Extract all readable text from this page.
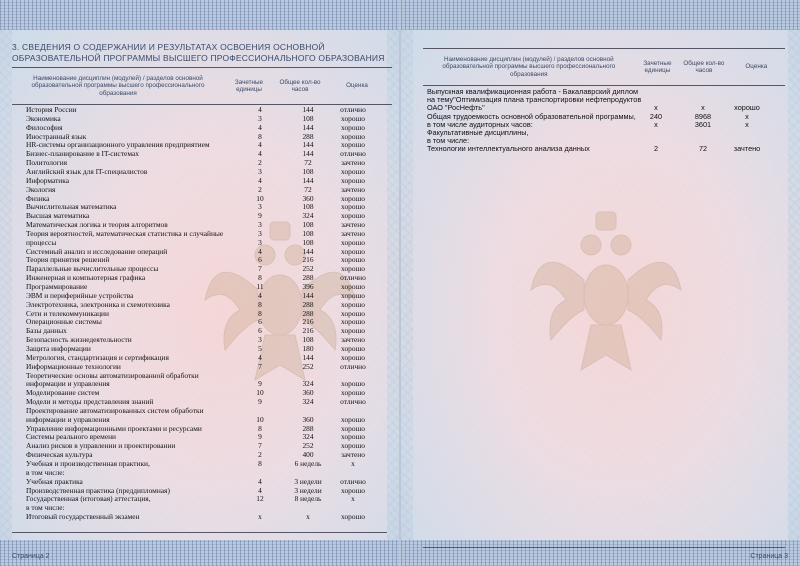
3. СВЕДЕНИЯ О СОДЕРЖАНИИ И РЕЗУЛЬТАТАХ ОСВОЕНИЯ ОСНОВНОЙ ОБРАЗОВАТЕЛЬНОЙ ПРОГРАММЫ ВЫСШЕГО ПРОФЕССИОНАЛЬНОГО ОБРАЗОВАНИЯ
Наименование дисциплин (модулей) / разделов основной образовательной программы высшего профессионального образования
Зачетные единицы
Общее кол-во часов
Оценка
История России	4	144	отлично
Экономика	3	108	хорошо
Философия	4	144	хорошо
Иностранный язык	8	288	хорошо
HR-системы организационного управления предприятием	4	144	хорошо
Бизнес-планирование в IT-системах	4	144	отлично
Политология	2	72	зачтено
Английский язык для IT-специалистов	3	108	хорошо
Информатика	4	144	хорошо
Экология	2	72	зачтено
Физика	10	360	хорошо
Вычислительная математика	3	108	хорошо
Высшая математика	9	324	хорошо
Математическая логика и теория алгоритмов	3	108	зачтено
Теория вероятностей, математическая статистика и случайные	3	108	зачтено
процессы	3	108	хорошо
Системный анализ и исследование операций	4	144	хорошо
Теория принятия решений	6	216	хорошо
Параллельные вычислительные процессы	7	252	хорошо
Инженерная и компьютерная графика	8	288	отлично
Программирование	11	396	хорошо
ЭВМ и периферийные устройства	4	144	хорошо
Электротехника, электроника и схемотехника	8	288	хорошо
Сети и телекоммуникации	8	288	хорошо
Операционные системы	6	216	хорошо
Базы данных	6	216	хорошо
Безопасность жизнедеятельности	3	108	зачтено
Защита информации	5	180	хорошо
Метрология, стандартизация и сертификация	4	144	хорошо
Информационные технологии	7	252	отлично
Теоретические основы автоматизированной обработки
информации и управления	9	324	хорошо
Моделирование систем	10	360	хорошо
Модели и методы представления знаний	9	324	отлично
Проектирование автоматизированных систем обработки
информации и управления	10	360	хорошо
Управление информационными проектами и ресурсами	8	288	хорошо
Системы реального времени	9	324	хорошо
Анализ рисков в управлении и проектировании	7	252	хорошо
Физическая культура	2	400	зачтено
Учебная и производственная практики,	8	6 недель	х
в том числе:
Учебная практика	4	3 недели	отлично
Производственная практика (преддипломная)	4	3 недели	хорошо
Государственная (итоговая) аттестация,	12	8 недель	х
в том числе:
Итоговый государственный экзамен	х	х	хорошо
Страница 2
Наименование дисциплин (модулей) / разделов основной образовательной программы высшего профессионального образования
Зачетные единицы
Общее кол-во часов
Оценка
Выпускная квалификационная работа - Бакалаврский диплом
на тему"Оптимизация плана транспортировки нефтепродуктов
ОАО "РосНефть"	х	х	хорошо
Общая трудоемкость основной образовательной программы,	240	8968	х
в том числе аудиторных часов:	х	3601	х
Факультативные дисциплины,
в том числе:
Технологии интеллектуального анализа данных	2	72	зачтено
Страница 3
